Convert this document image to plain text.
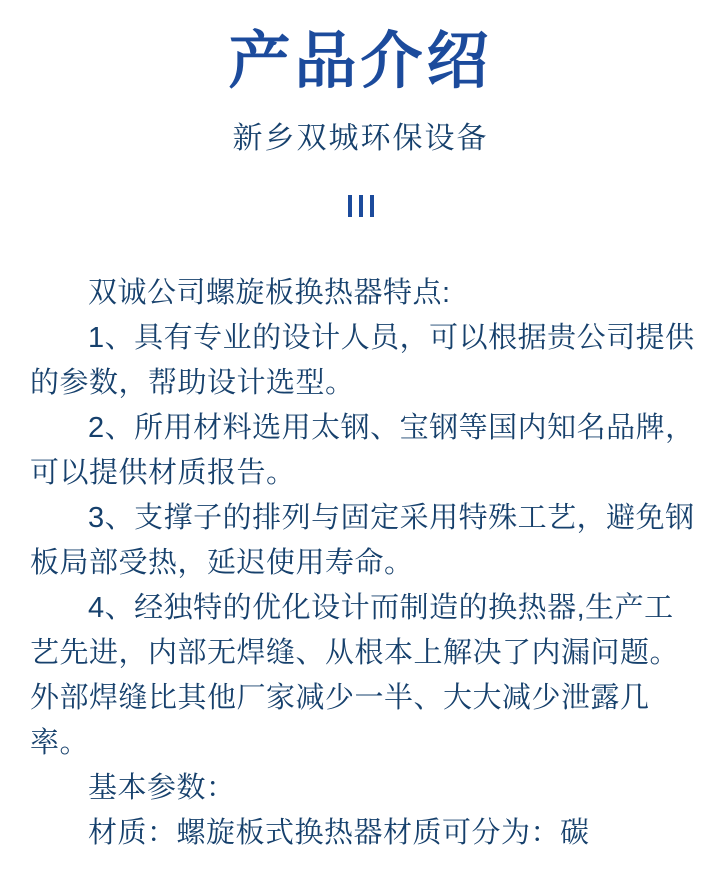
产品介绍
新乡双城环保设备

双诚公司螺旋板换热器特点:

1、具有专业的设计人员，可以根据贵公司提供的参数，帮助设计选型。

2、所用材料选用太钢、宝钢等国内知名品牌，可以提供材质报告。

3、支撑子的排列与固定采用特殊工艺，避免钢板局部受热，延迟使用寿命。

4、经独特的优化设计而制造的换热器,生产工艺先进，内部无焊缝、从根本上解决了内漏问题。外部焊缝比其他厂家减少一半、大大减少泄露几率。

基本参数：

材质：螺旋板式换热器材质可分为：碳
